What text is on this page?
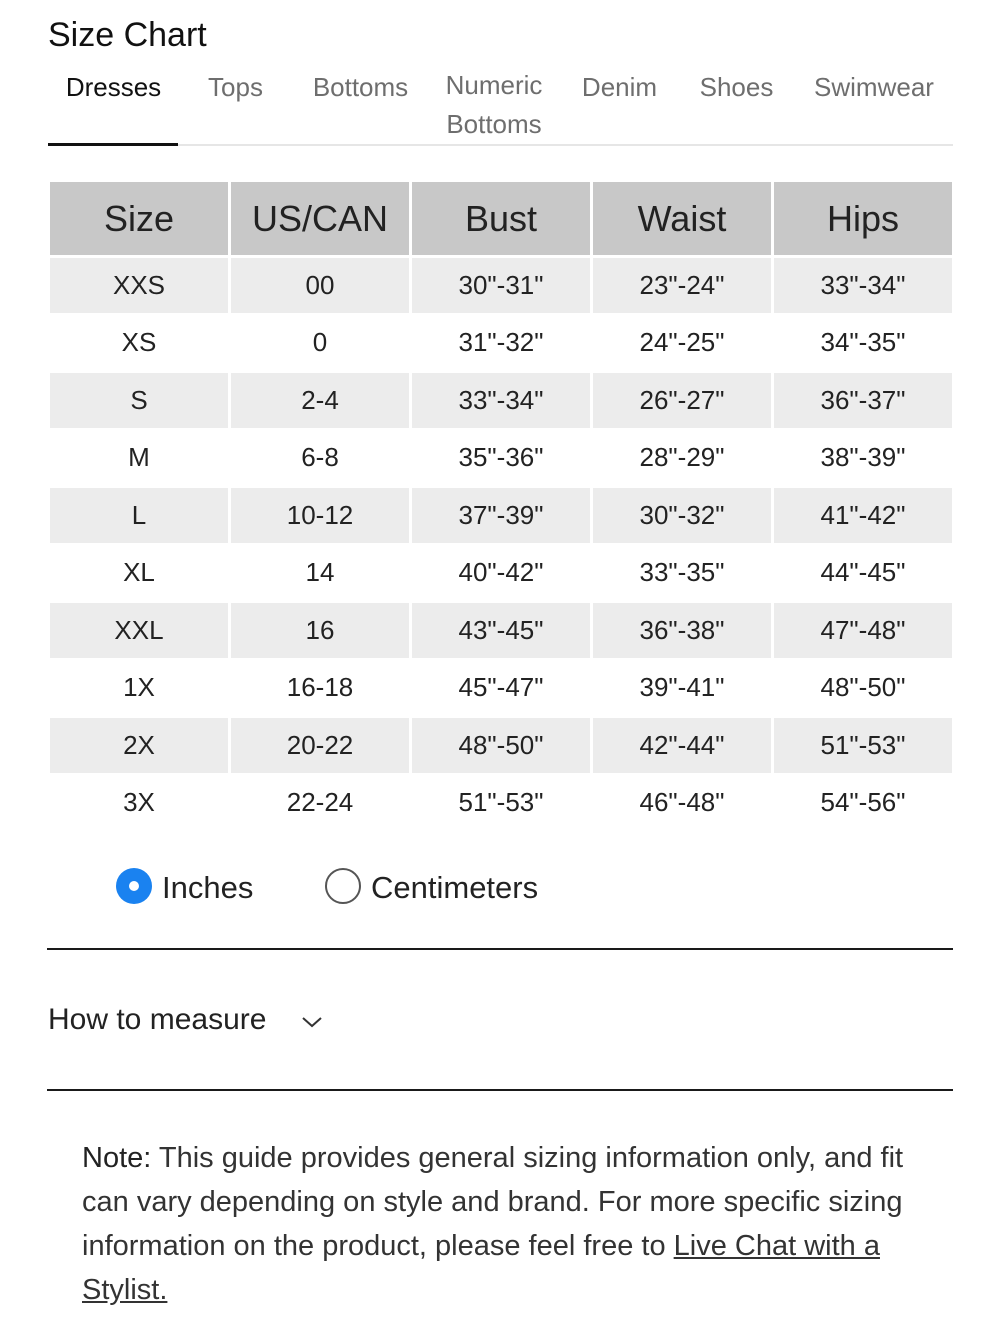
Size Chart
Dresses Tops Bottoms Numeric
Bottoms
Denim Shoes Swimwear
Size	US/CAN	Bust	Waist	Hips
XXS	00	30"-31"	23"-24"	33"-34"
XS	0	31"-32"	24"-25"	34"-35"
S	2-4	33"-34"	26"-27"	36"-37"
M	6-8	35"-36"	28"-29"	38"-39"
L	10-12	37"-39"	30"-32"	41"-42"
XL	14	40"-42"	33"-35"	44"-45"
XXL	16	43"-45"	36"-38"	47"-48"
1X	16-18	45"-47"	39"-41"	48"-50"
2X	20-22	48"-50"	42"-44"	51"-53"
3X	22-24	51"-53"	46"-48"	54"-56"
Inches	Centimeters
How to measure

Note: This guide provides general sizing information only, and fit can vary depending on style and brand. For more specific sizing information on the product, please feel free to Live Chat with a Stylist.
